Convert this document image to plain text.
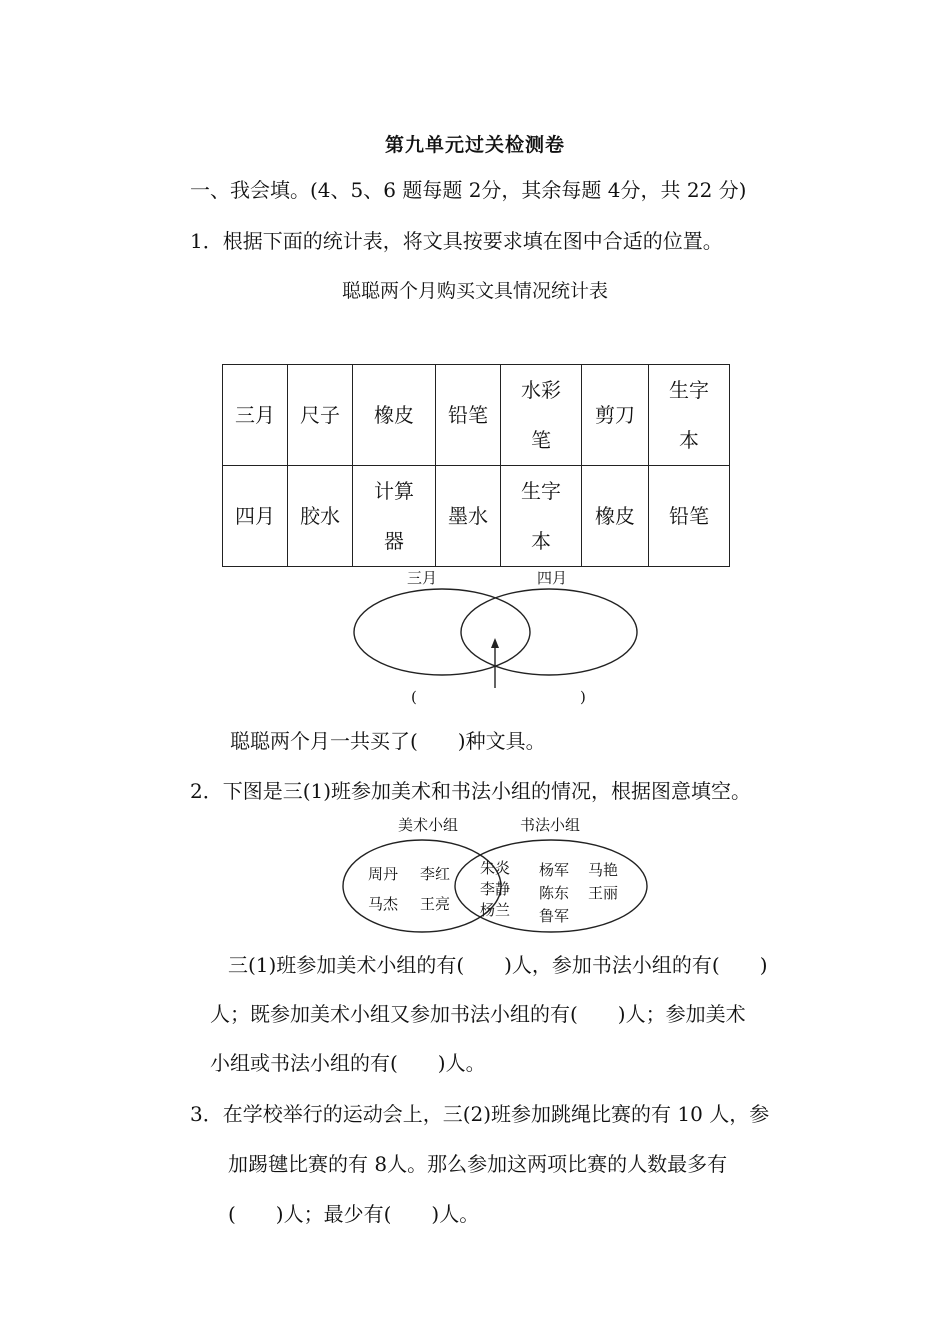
第九单元过关检测卷
一、我会填。(4、5、6 题每题 2分，其余每题 4分，共 22 分)
1．根据下面的统计表，将文具按要求填在图中合适的位置。
聪聪两个月购买文具情况统计表
三月	尺子	橡皮	铅笔	水彩笔	剪刀	生字本
四月	胶水	计算器	墨水	生字本	橡皮	铅笔
三月	四月
(	)
聪聪两个月一共买了(　　)种文具。
2．下图是三(1)班参加美术和书法小组的情况，根据图意填空。
美术小组	书法小组
周丹 李红
马杰 王亮
朱炎
李静
杨兰
杨军 马艳
陈东 王丽
鲁军
三(1)班参加美术小组的有(　　)人，参加书法小组的有(　　)
人；既参加美术小组又参加书法小组的有(　　)人；参加美术
小组或书法小组的有(　　)人。
3．在学校举行的运动会上，三(2)班参加跳绳比赛的有 10 人，参
加踢毽比赛的有 8人。那么参加这两项比赛的人数最多有
(　　)人；最少有(　　)人。
